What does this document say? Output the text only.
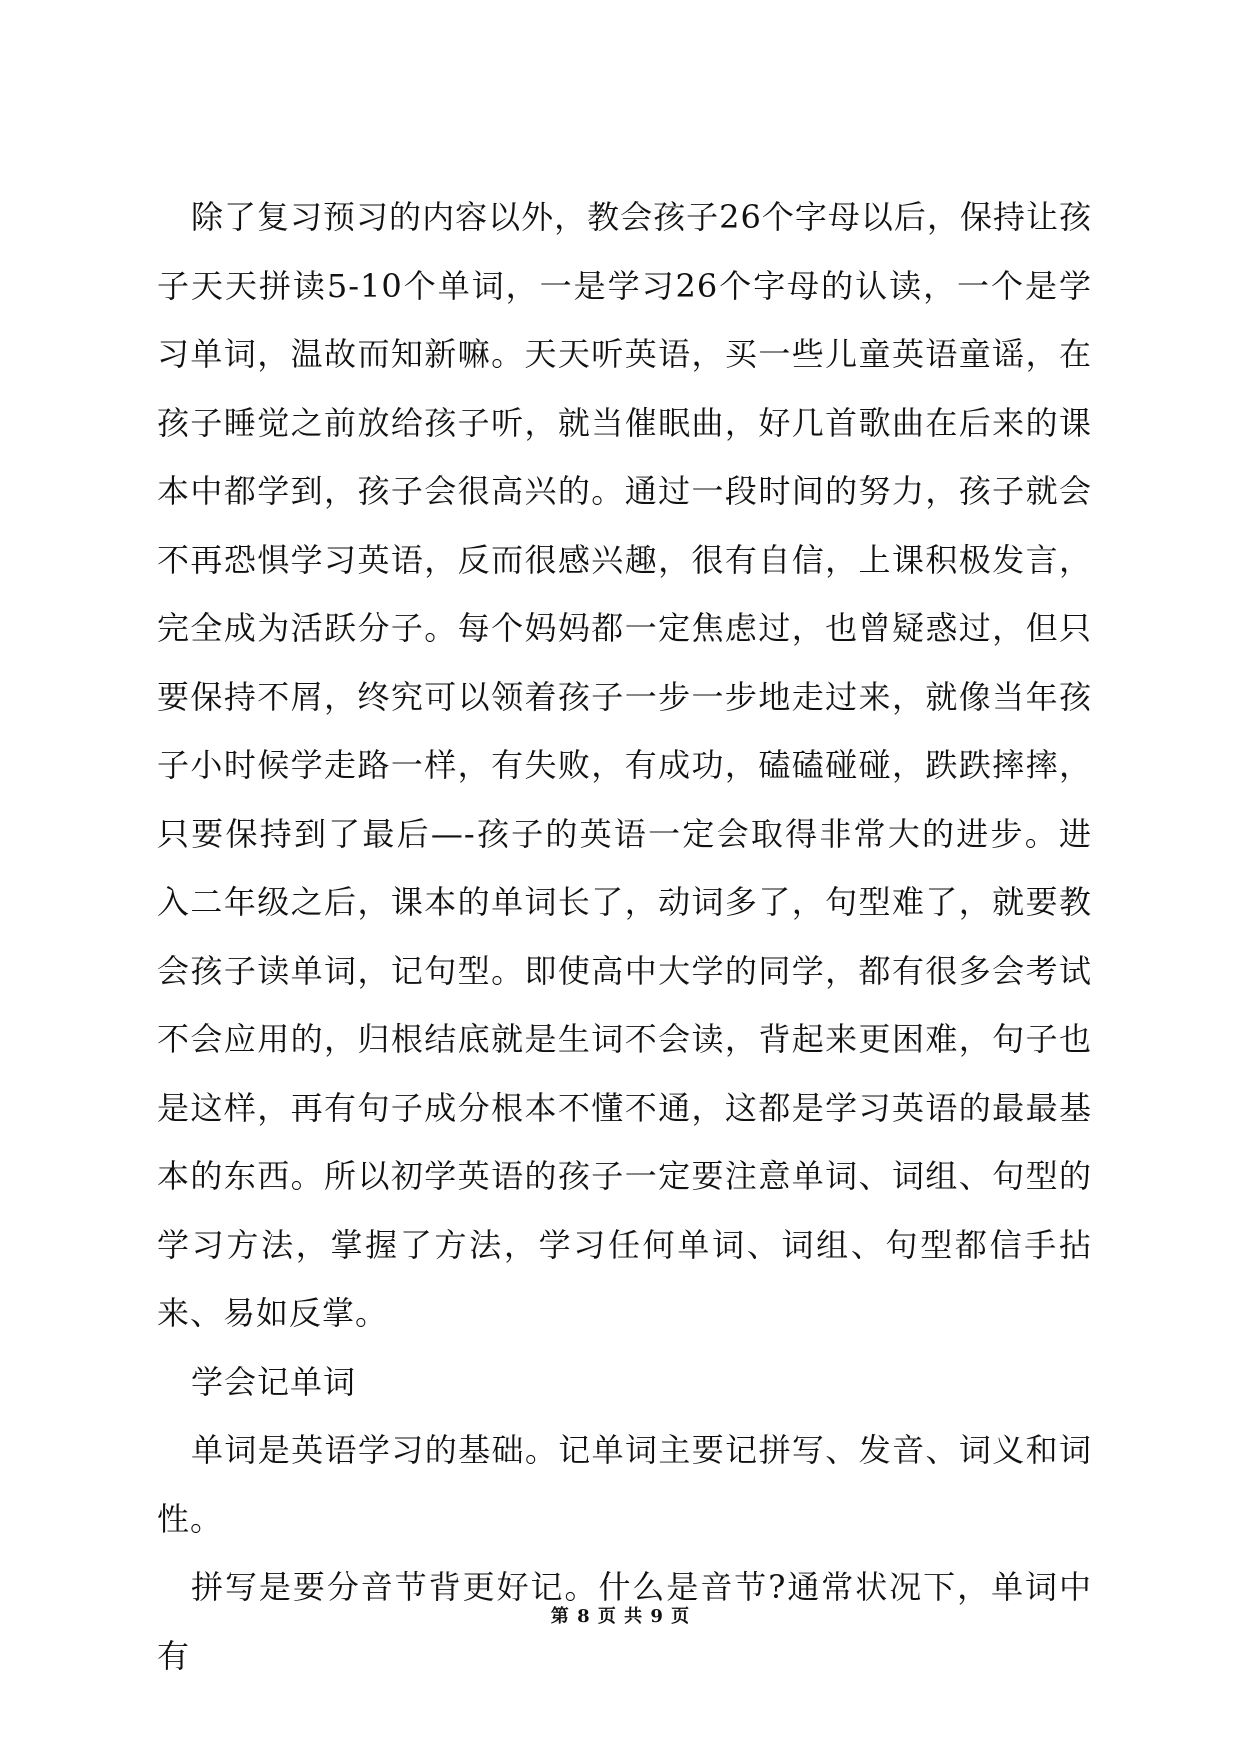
除了复习预习的内容以外，教会孩子26个字母以后，保持让孩子天天拼读5-10个单词，一是学习26个字母的认读，一个是学习单词，温故而知新嘛。天天听英语，买一些儿童英语童谣，在孩子睡觉之前放给孩子听，就当催眠曲，好几首歌曲在后来的课本中都学到，孩子会很高兴的。通过一段时间的努力，孩子就会不再恐惧学习英语，反而很感兴趣，很有自信，上课积极发言，完全成为活跃分子。每个妈妈都一定焦虑过，也曾疑惑过，但只要保持不屑，终究可以领着孩子一步一步地走过来，就像当年孩子小时候学走路一样，有失败，有成功，磕磕碰碰，跌跌摔摔，只要保持到了最后—-孩子的英语一定会取得非常大的进步。进入二年级之后，课本的单词长了，动词多了，句型难了，就要教会孩子读单词，记句型。即使高中大学的同学，都有很多会考试不会应用的，归根结底就是生词不会读，背起来更困难，句子也是这样，再有句子成分根本不懂不通，这都是学习英语的最最基本的东西。所以初学英语的孩子一定要注意单词、词组、句型的学习方法，掌握了方法，学习任何单词、词组、句型都信手拈来、易如反掌。

学会记单词

单词是英语学习的基础。记单词主要记拼写、发音、词义和词性。

拼写是要分音节背更好记。什么是音节?通常状况下，单词中有

第 8 页 共 9 页
